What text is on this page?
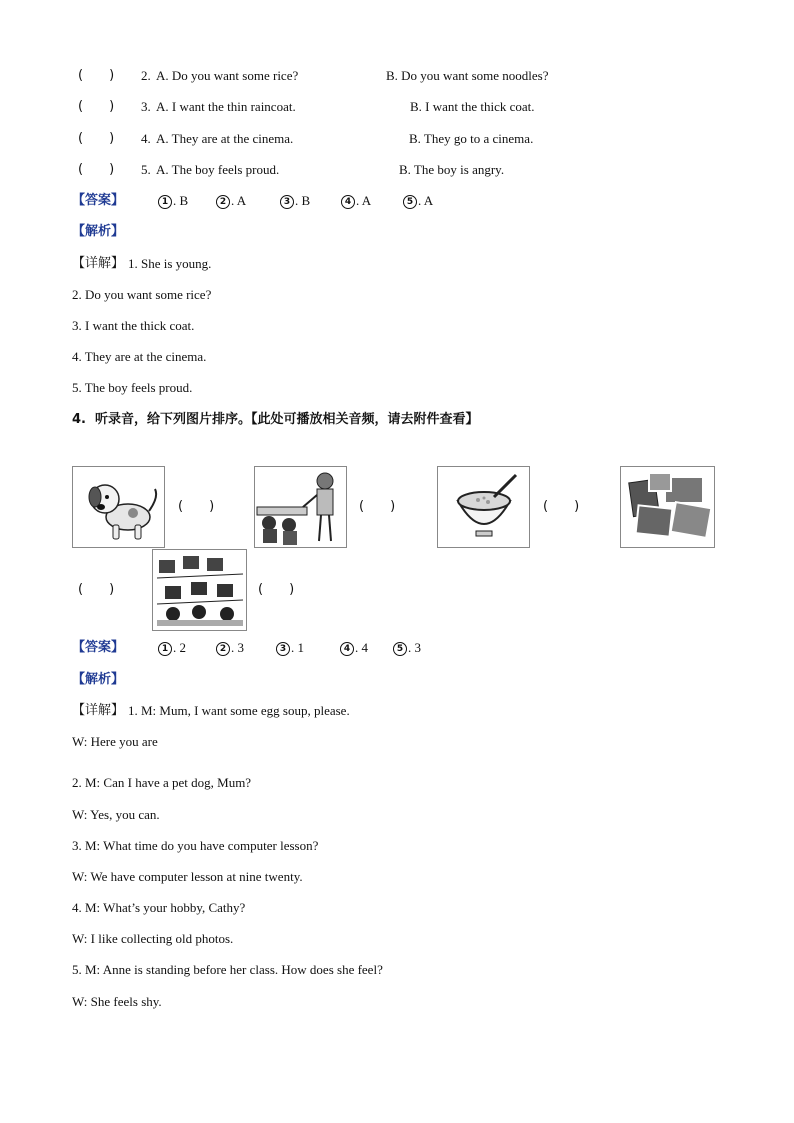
(　　) 2. A. Do you want some rice?	B. Do you want some noodles?
(　　) 3. A. I want the thin raincoat.	B. I want the thick coat.
(　　) 4. A. They are at the cinema.	B. They go to a cinema.
(　　) 5. A. The boy feels proud.	B. The boy is angry.
【答案】	1 . B	2 . A	3 . B	4 . A	5 . A
【解析】
【详解】 1. She is young.
2. Do you want some rice?
3. I want the thick coat.
4. They are at the cinema.
5. The boy feels proud.
4.  听录音，给下列图片排序。【此处可播放相关音频，请去附件查看】
(　　)	(　　)	(　　)
(　　)	(　　)
【答案】	1 . 2	2 . 3	3 . 1	4 . 4	5 . 3
【解析】
【详解】 1. M: Mum, I want some egg soup, please.
W: Here you are
2. M: Can I have a pet dog, Mum?
W: Yes, you can.
3. M: What time do you have computer lesson?
W: We have computer lesson at nine twenty.
4. M: What’s your hobby, Cathy?
W: I like collecting old photos.
5. M: Anne is standing before her class. How does she feel?
W: She feels shy.
